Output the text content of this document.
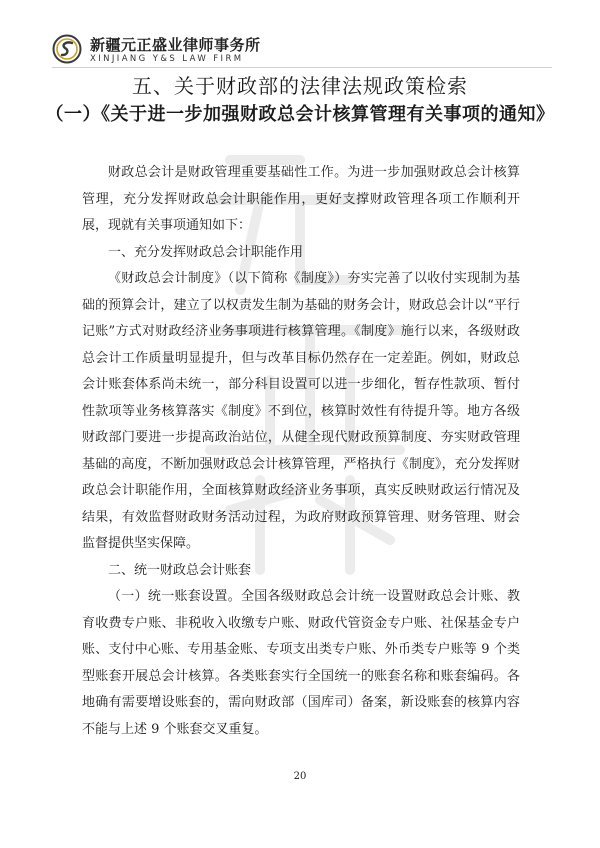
新疆元正盛业律师事务所
XINJIANG Y&S LAW FIRM
五、关于财政部的法律法规政策检索
（一）《关于进一步加强财政总会计核算管理有关事项的通知》

财政总会计是财政管理重要基础性工作。为进一步加强财政总会计核算管理，充分发挥财政总会计职能作用，更好支撑财政管理各项工作顺利开展，现就有关事项通知如下：

一、充分发挥财政总会计职能作用

《财政总会计制度》（以下简称《制度》）夯实完善了以收付实现制为基础的预算会计，建立了以权责发生制为基础的财务会计，财政总会计以“平行记账”方式对财政经济业务事项进行核算管理。《制度》施行以来，各级财政总会计工作质量明显提升，但与改革目标仍然存在一定差距。例如，财政总会计账套体系尚未统一，部分科目设置可以进一步细化，暂存性款项、暂付性款项等业务核算落实《制度》不到位，核算时效性有待提升等。地方各级财政部门要进一步提高政治站位，从健全现代财政预算制度、夯实财政管理基础的高度，不断加强财政总会计核算管理，严格执行《制度》，充分发挥财政总会计职能作用，全面核算财政经济业务事项，真实反映财政运行情况及结果，有效监督财政财务活动过程，为政府财政预算管理、财务管理、财会监督提供坚实保障。

二、统一财政总会计账套

（一）统一账套设置。全国各级财政总会计统一设置财政总会计账、教育收费专户账、非税收入收缴专户账、财政代管资金专户账、社保基金专户账、支付中心账、专用基金账、专项支出类专户账、外币类专户账等 9 个类型账套开展总会计核算。各类账套实行全国统一的账套名称和账套编码。各地确有需要增设账套的，需向财政部（国库司）备案，新设账套的核算内容不能与上述 9 个账套交叉重复。

20
